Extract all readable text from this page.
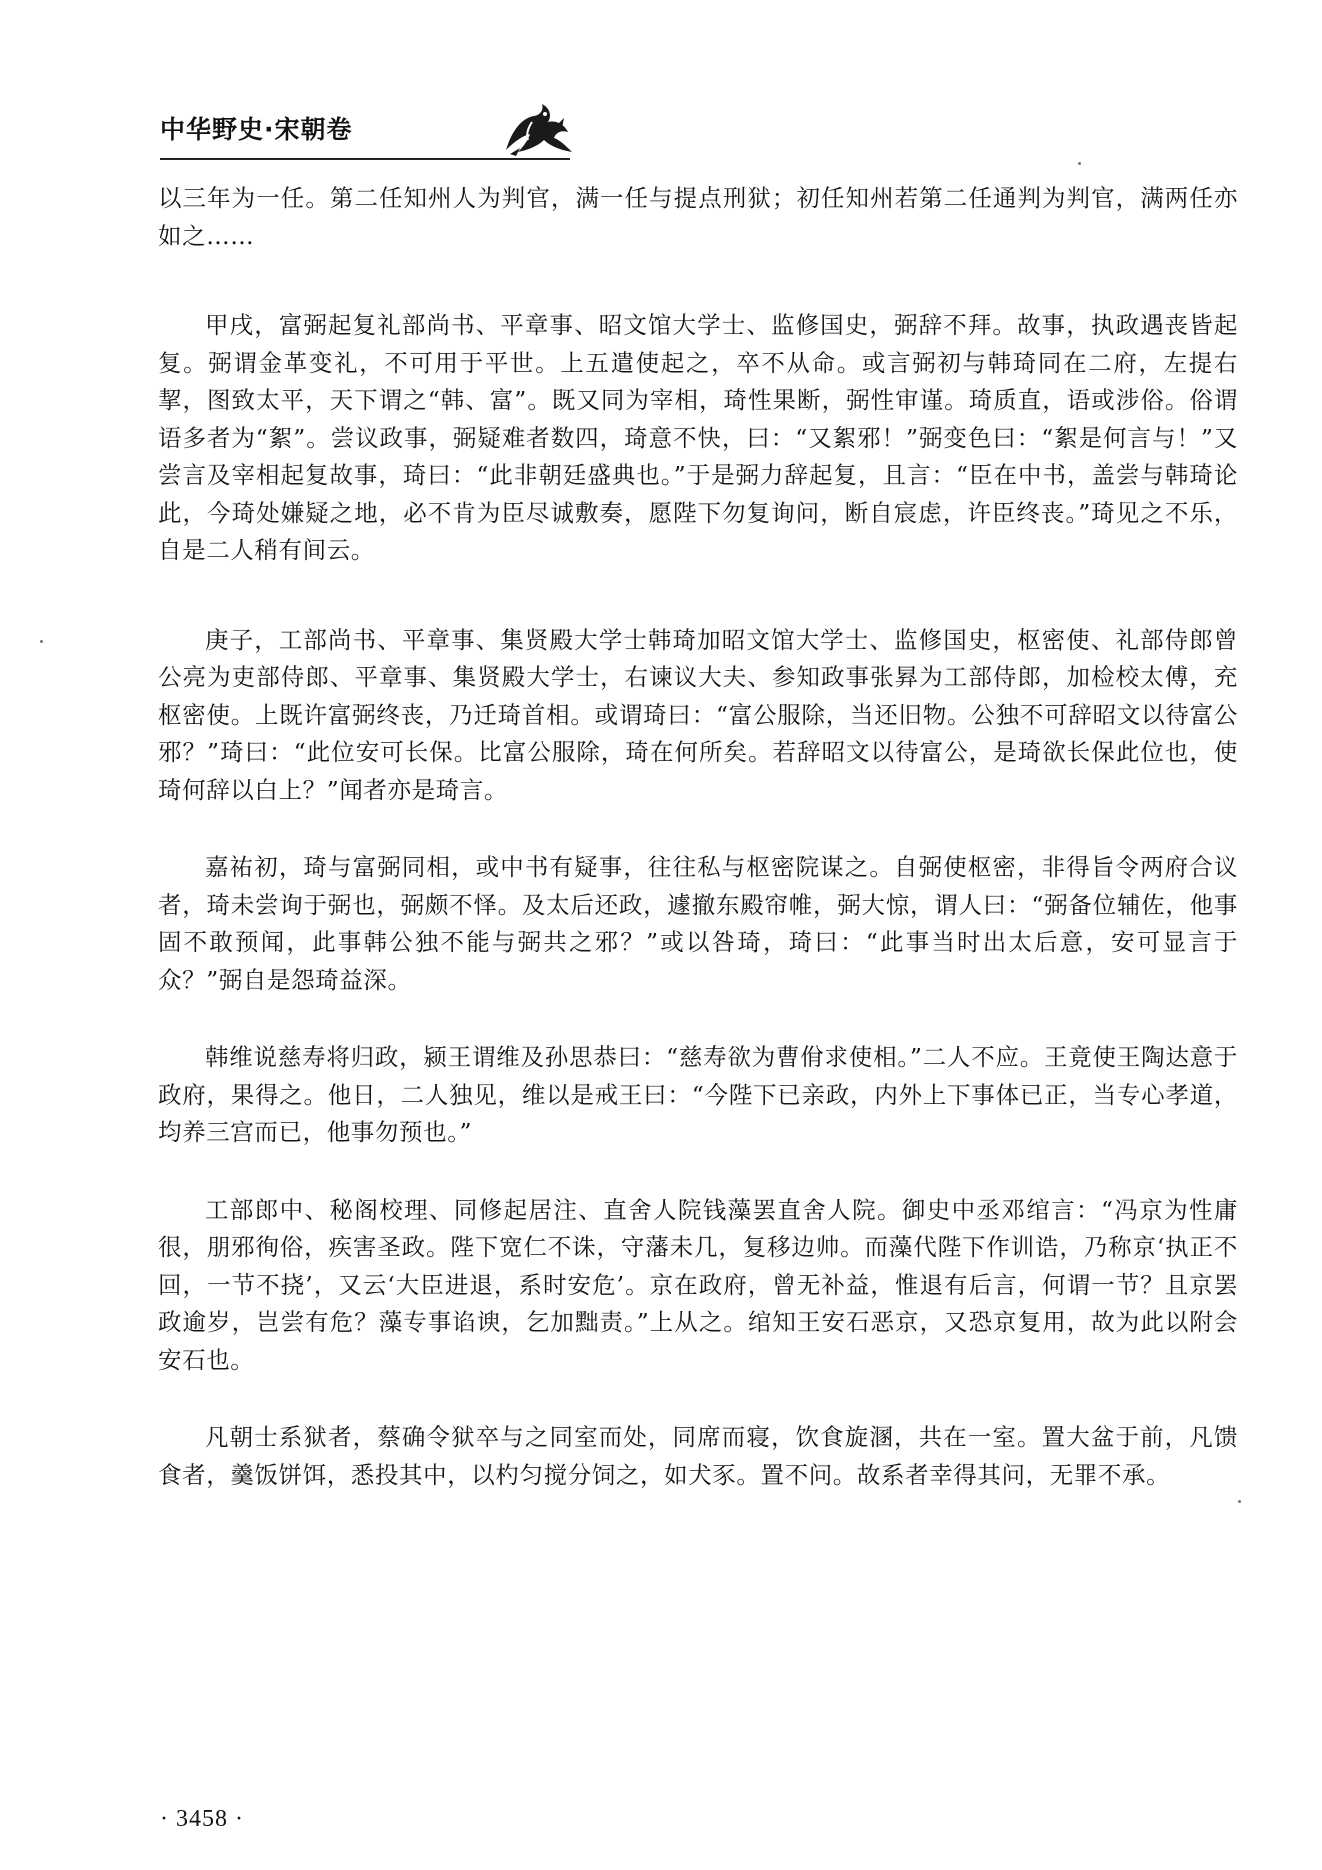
中华野史·宋朝卷

以三年为一任。第二任知州人为判官，满一任与提点刑狱；初任知州若第二任通判为判官，满两任亦如之……

甲戌，富弼起复礼部尚书、平章事、昭文馆大学士、监修国史，弼辞不拜。故事，执政遇丧皆起复。弼谓金革变礼，不可用于平世。上五遣使起之，卒不从命。或言弼初与韩琦同在二府，左提右挈，图致太平，天下谓之“韩、富”。既又同为宰相，琦性果断，弼性审谨。琦质直，语或涉俗。俗谓语多者为“絮”。尝议政事，弼疑难者数四，琦意不快，曰：“又絮邪！”弼变色曰：“絮是何言与！”又尝言及宰相起复故事，琦曰：“此非朝廷盛典也。”于是弼力辞起复，且言：“臣在中书，盖尝与韩琦论此，今琦处嫌疑之地，必不肯为臣尽诚敷奏，愿陛下勿复询问，断自宸虑，许臣终丧。”琦见之不乐，自是二人稍有间云。

庚子，工部尚书、平章事、集贤殿大学士韩琦加昭文馆大学士、监修国史，枢密使、礼部侍郎曾公亮为吏部侍郎、平章事、集贤殿大学士，右谏议大夫、参知政事张昪为工部侍郎，加检校太傅，充枢密使。上既许富弼终丧，乃迁琦首相。或谓琦曰：“富公服除，当还旧物。公独不可辞昭文以待富公邪？”琦曰：“此位安可长保。比富公服除，琦在何所矣。若辞昭文以待富公，是琦欲长保此位也，使琦何辞以白上？”闻者亦是琦言。

嘉祐初，琦与富弼同相，或中书有疑事，往往私与枢密院谋之。自弼使枢密，非得旨令两府合议者，琦未尝询于弼也，弼颇不怿。及太后还政，遽撤东殿帘帷，弼大惊，谓人曰：“弼备位辅佐，他事固不敢预闻，此事韩公独不能与弼共之邪？”或以咎琦，琦曰：“此事当时出太后意，安可显言于众？”弼自是怨琦益深。

韩维说慈寿将归政，颍王谓维及孙思恭曰：“慈寿欲为曹佾求使相。”二人不应。王竟使王陶达意于政府，果得之。他日，二人独见，维以是戒王曰：“今陛下已亲政，内外上下事体已正，当专心孝道，均养三宫而已，他事勿预也。”

工部郎中、秘阁校理、同修起居注、直舍人院钱藻罢直舍人院。御史中丞邓绾言：“冯京为性庸很，朋邪徇俗，疾害圣政。陛下宽仁不诛，守藩未几，复移边帅。而藻代陛下作训诰，乃称京‘执正不回，一节不挠’，又云‘大臣进退，系时安危’。京在政府，曾无补益，惟退有后言，何谓一节？且京罢政逾岁，岂尝有危？藻专事谄谀，乞加黜责。”上从之。绾知王安石恶京，又恐京复用，故为此以附会安石也。

凡朝士系狱者，蔡确令狱卒与之同室而处，同席而寝，饮食旋溷，共在一室。置大盆于前，凡馈食者，羹饭饼饵，悉投其中，以杓匀搅分饲之，如犬豕。置不问。故系者幸得其问，无罪不承。

· 3458 ·
